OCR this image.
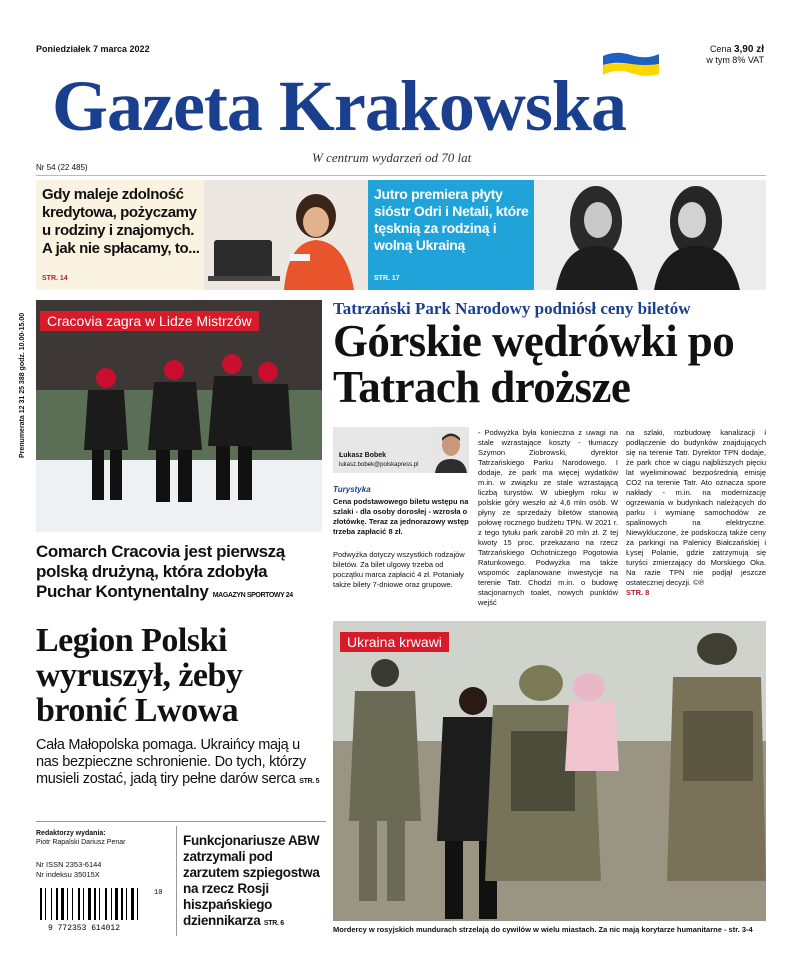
Poniedziałek 7 marca 2022	Cena 3,90 zł
w tym 8% VAT
Gazeta Krakowska
W centrum wydarzeń od 70 lat
Nr 54 (22 485)
Gdy maleje zdolność kredytowa, pożyczamy u rodziny i znajomych. A jak nie spłacamy, to...
STR. 14
Jutro premiera płyty sióstr Odri i Netali, które tęsknią za rodziną i wolną Ukrainą
STR. 17
Prenumerata 12 31 25 388 godz. 10.00-15.00	Cracovia zagra w Lidze Mistrzów
Comarch Cracovia jest pierwszą polską drużyną, która zdobyła Puchar Kontynentalny MAGAZYN SPORTOWY 24
Tatrzański Park Narodowy podniósł ceny biletów
Górskie wędrówki po Tatrach droższe
Łukasz Bobek
lukasz.bobek@polskapress.pl
Turystyka
Cena podstawowego biletu wstępu na szlaki - dla osoby dorosłej - wzrosła o złotówkę. Teraz za jednorazowy wstęp trzeba zapłacić 8 zł.
Podwyżka dotyczy wszystkich rodzajów biletów. Za bilet ulgowy trzeba od początku marca zapłacić 4 zł. Potaniały także bilety 7-dniowe oraz grupowe.
- Podwyżka była konieczna z uwagi na stale wzrastające koszty - tłumaczy Szymon Ziobrowski, dyrektor Tatrzańskiego Parku Narodowego. I dodaje, że park ma więcej wydatków m.in. w związku ze stale wzrastającą liczbą turystów. W ubiegłym roku w polskie góry weszło aż 4,6 mln osób. W płyny ze sprzedaży biletów stanowią połowę rocznego budżetu TPN. W 2021 r. z tego tytułu park zarobił 20 mln zł. Z tej kwoty 15 proc. przekazano na rzecz Tatrzańskiego Ochotniczego Pogotowia Ratunkowego. Podwyżka ma także wspomóc zaplanowane inwestycje na terenie Tatr. Chodzi m.in. o budowę stacjonarnych toalet, nowych punktów wejść
na szlaki, rozbudowę kanalizacji i podłączenie do budynków znajdujących się na terenie Tatr. Dyrektor TPN dodaje, że park chce w ciągu najbliższych pięciu lat wyeliminować bezpośrednią emisję CO2 na terenie Tatr. Ato oznacza spore nakłady - m.in. na modernizację ogrzewania w budynkach należących do parku i wymianę samochodów ze spalinowych na elektryczne. Niewykluczone, że podskoczą także ceny za parkingi na Palenicy Białczańskiej i Łysej Polanie, gdzie zatrzymują się turyści zmierzający do Morskiego Oka. Na razie TPN nie podjął jeszcze ostatecznej decyzji. ©℗
STR. 8
Legion Polski wyruszył, żeby bronić Lwowa
Cała Małopolska pomaga. Ukraińcy mają u nas bezpieczne schronienie. Do tych, którzy musieli zostać, jadą tiry pełne darów serca STR. 5
Redaktorzy wydania:
Piotr Rapalski Dariusz Penar
Nr ISSN 2353-6144
Nr indeksu 35015X
9 772353 614012
10
Funkcjonariusze ABW zatrzymali pod zarzutem szpiegostwa na rzecz Rosji hiszpańskiego dziennikarza STR. 6
Ukraina krwawi
Mordercy w rosyjskich mundurach strzelają do cywilów w wielu miastach. Za nic mają korytarze humanitarne - str. 3-4
